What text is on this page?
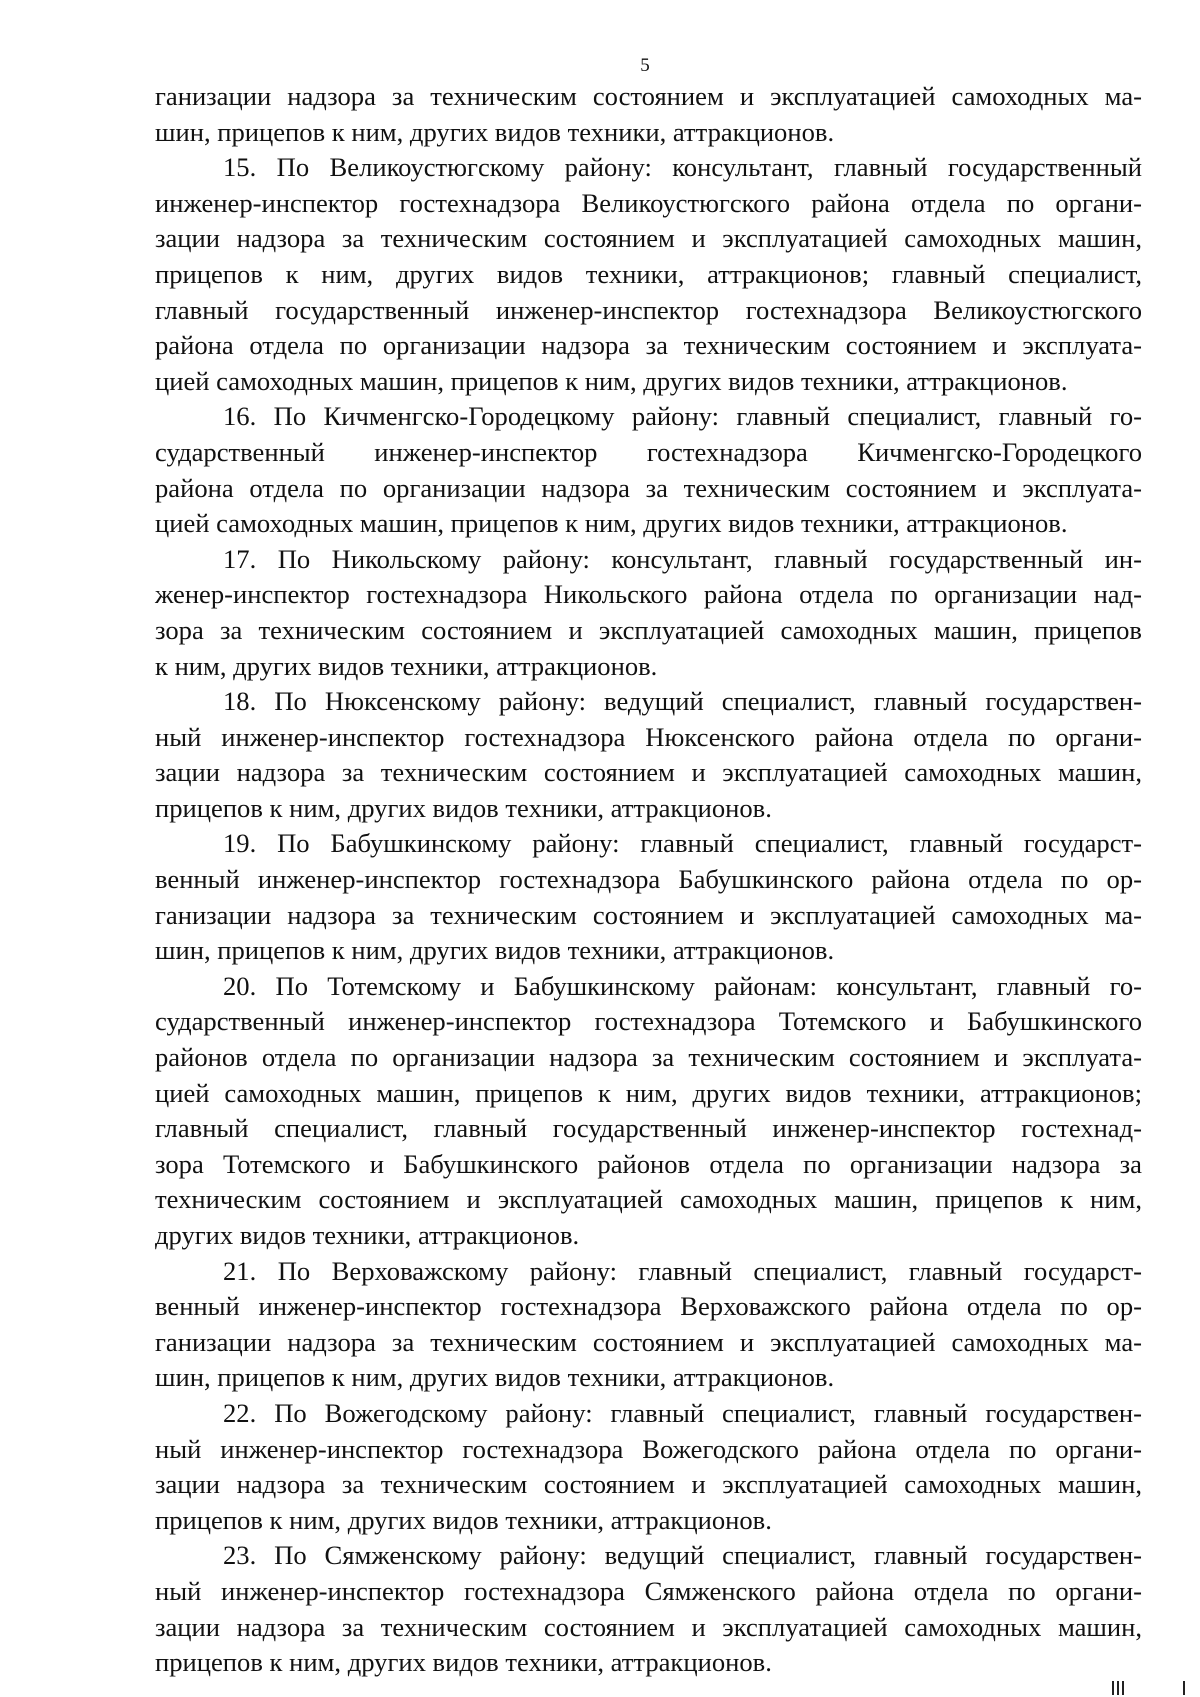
5

ганизации надзора за техническим состоянием и эксплуатацией самоходных ма-
шин, прицепов к ним, других видов техники, аттракционов.

15. По Великоустюгскому району: консультант, главный государственный
инженер-инспектор гостехнадзора Великоустюгского района отдела по органи-
зации надзора за техническим состоянием и эксплуатацией самоходных машин,
прицепов к ним, других видов техники, аттракционов; главный специалист,
главный государственный инженер-инспектор гостехнадзора Великоустюгского
района отдела по организации надзора за техническим состоянием и эксплуата-
цией самоходных машин, прицепов к ним, других видов техники, аттракционов.

16. По Кичменгско-Городецкому району: главный специалист, главный го-
сударственный инженер-инспектор гостехнадзора Кичменгско-Городецкого
района отдела по организации надзора за техническим состоянием и эксплуата-
цией самоходных машин, прицепов к ним, других видов техники, аттракционов.

17. По Никольскому району: консультант, главный государственный ин-
женер-инспектор гостехнадзора Никольского района отдела по организации над-
зора за техническим состоянием и эксплуатацией самоходных машин, прицепов
к ним, других видов техники, аттракционов.

18. По Нюксенскому району: ведущий специалист, главный государствен-
ный инженер-инспектор гостехнадзора Нюксенского района отдела по органи-
зации надзора за техническим состоянием и эксплуатацией самоходных машин,
прицепов к ним, других видов техники, аттракционов.

19. По Бабушкинскому району: главный специалист, главный государст-
венный инженер-инспектор гостехнадзора Бабушкинского района отдела по ор-
ганизации надзора за техническим состоянием и эксплуатацией самоходных ма-
шин, прицепов к ним, других видов техники, аттракционов.

20. По Тотемскому и Бабушкинскому районам: консультант, главный го-
сударственный инженер-инспектор гостехнадзора Тотемского и Бабушкинского
районов отдела по организации надзора за техническим состоянием и эксплуата-
цией самоходных машин, прицепов к ним, других видов техники, аттракционов;
главный специалист, главный государственный инженер-инспектор гостехнад-
зора Тотемского и Бабушкинского районов отдела по организации надзора за
техническим состоянием и эксплуатацией самоходных машин, прицепов к ним,
других видов техники, аттракционов.

21. По Верховажскому району: главный специалист, главный государст-
венный инженер-инспектор гостехнадзора Верховажского района отдела по ор-
ганизации надзора за техническим состоянием и эксплуатацией самоходных ма-
шин, прицепов к ним, других видов техники, аттракционов.

22. По Вожегодскому району: главный специалист, главный государствен-
ный инженер-инспектор гостехнадзора Вожегодского района отдела по органи-
зации надзора за техническим состоянием и эксплуатацией самоходных машин,
прицепов к ним, других видов техники, аттракционов.

23. По Сямженскому району: ведущий специалист, главный государствен-
ный инженер-инспектор гостехнадзора Сямженского района отдела по органи-
зации надзора за техническим состоянием и эксплуатацией самоходных машин,
прицепов к ним, других видов техники, аттракционов.
